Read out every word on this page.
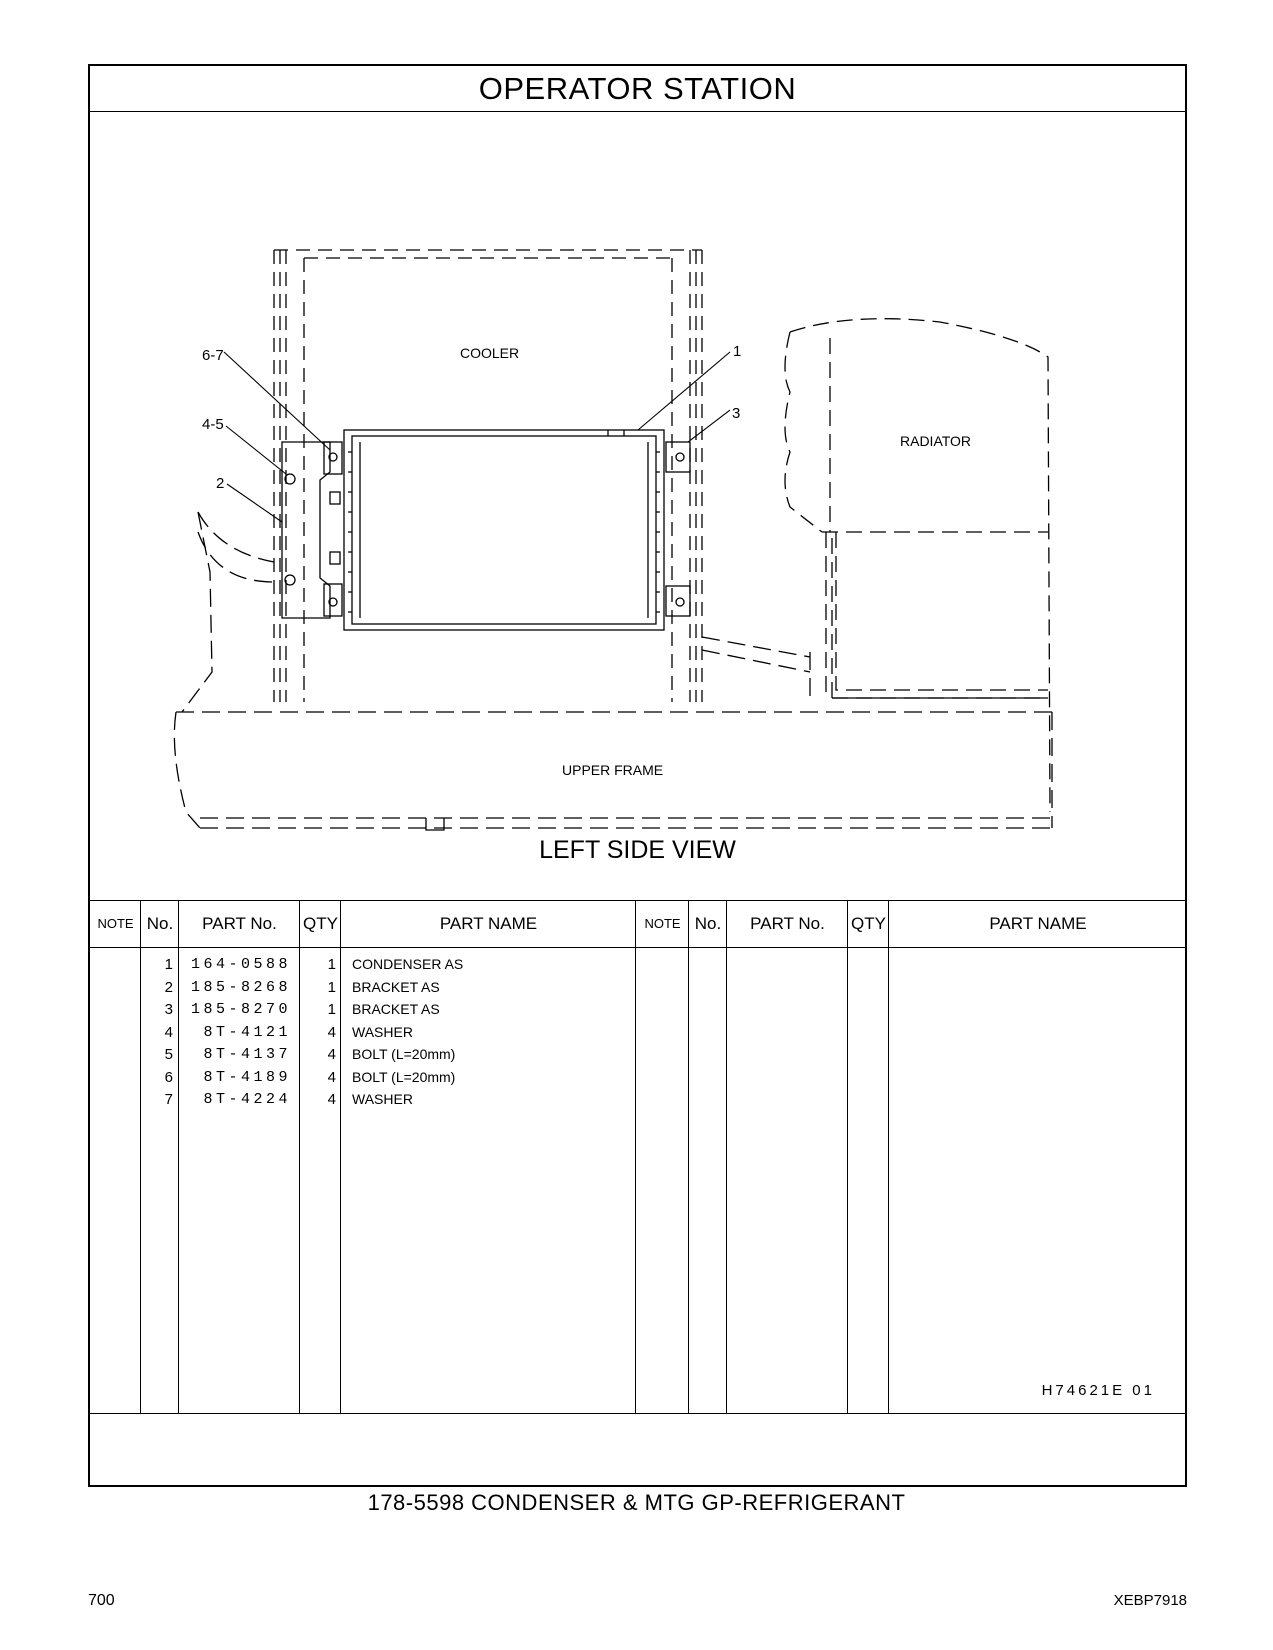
OPERATOR STATION
6-7
4-5
2
1
3
COOLER
RADIATOR
UPPER FRAME
LEFT SIDE VIEW
NOTE No.	PART No.	QTY	PART NAME	NOTE No.	PART No.	QTY	PART NAME
1	164-0588	1 CONDENSER AS
2	185-8268	1 BRACKET AS
3	185-8270	1 BRACKET AS
4	8T-4121	4 WASHER
5	8T-4137	4 BOLT (L=20mm)
6	8T-4189	4 BOLT (L=20mm)
7	8T-4224	4 WASHER
H74621E 01
178-5598 CONDENSER & MTG GP-REFRIGERANT
700	XEBP7918
